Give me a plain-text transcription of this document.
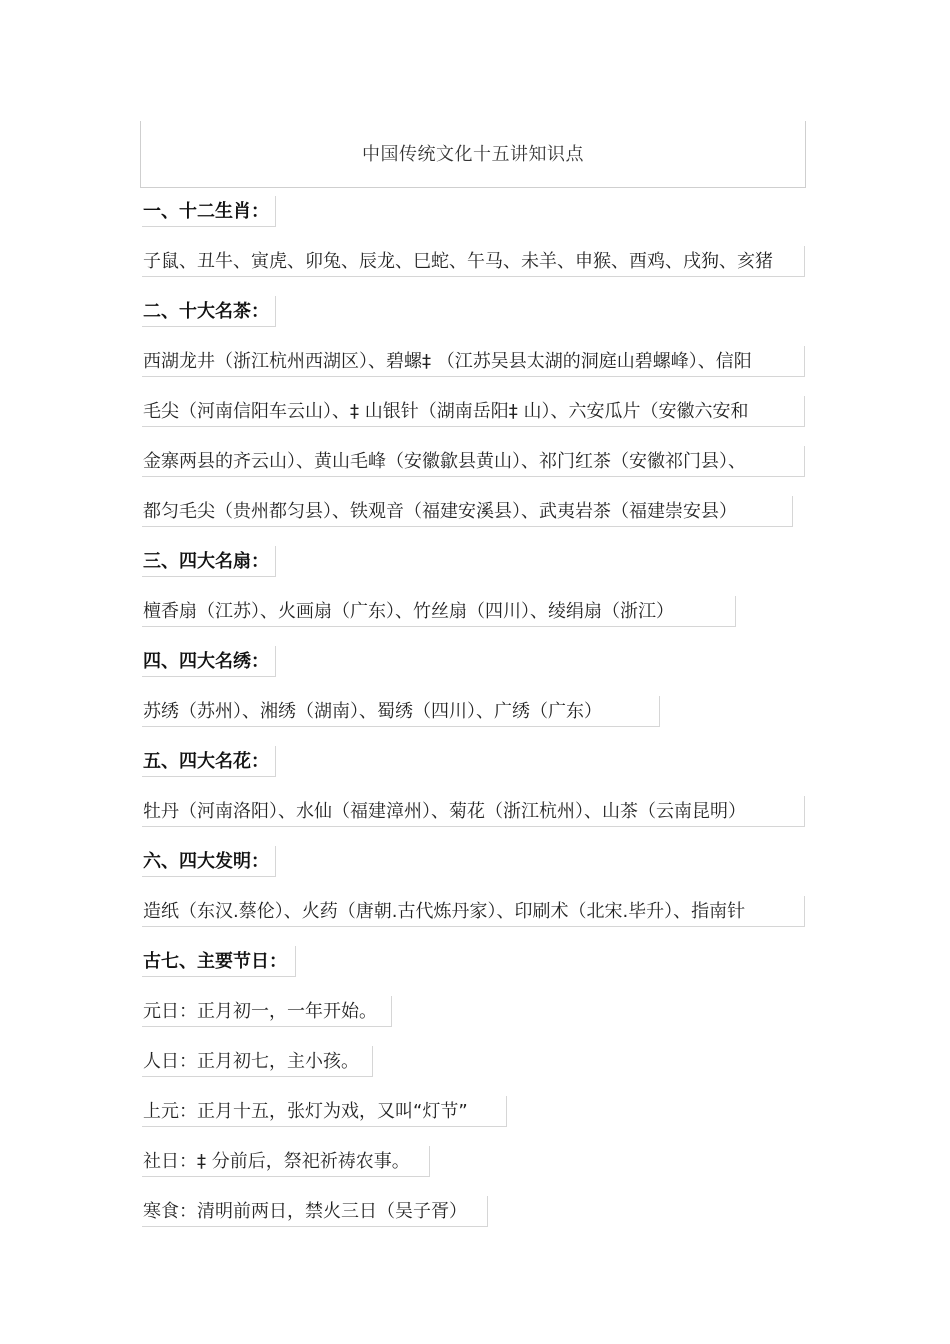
中国传统文化十五讲知识点
一、十二生肖：
子鼠、丑牛、寅虎、卯兔、辰龙、巳蛇、午马、未羊、申猴、酉鸡、戌狗、亥猪
二、十大名茶：
西湖龙井（浙江杭州西湖区）、碧螺‡ （江苏吴县太湖的洞庭山碧螺峰）、信阳
毛尖（河南信阳车云山）、‡ 山银针（湖南岳阳‡ 山）、六安瓜片（安徽六安和
金寨两县的齐云山）、黄山毛峰（安徽歙县黄山）、祁门红茶（安徽祁门县）、
都匀毛尖（贵州都匀县）、铁观音（福建安溪县）、武夷岩茶（福建崇安县）
三、四大名扇：
檀香扇（江苏）、火画扇（广东）、竹丝扇（四川）、绫绢扇（浙江）
四、四大名绣：
苏绣（苏州）、湘绣（湖南）、蜀绣（四川）、广绣（广东）
五、四大名花：
牡丹（河南洛阳）、水仙（福建漳州）、菊花（浙江杭州）、山茶（云南昆明）
六、四大发明：
造纸（东汉.蔡伦）、火药（唐朝.古代炼丹家）、印刷术（北宋.毕升）、指南针
古七、主要节日：
元日：正月初一，一年开始。
人日：正月初七，主小孩。
上元：正月十五，张灯为戏，又叫“灯节”
社日：‡ 分前后，祭祀祈祷农事。
寒食：清明前两日，禁火三日（吴子胥）
